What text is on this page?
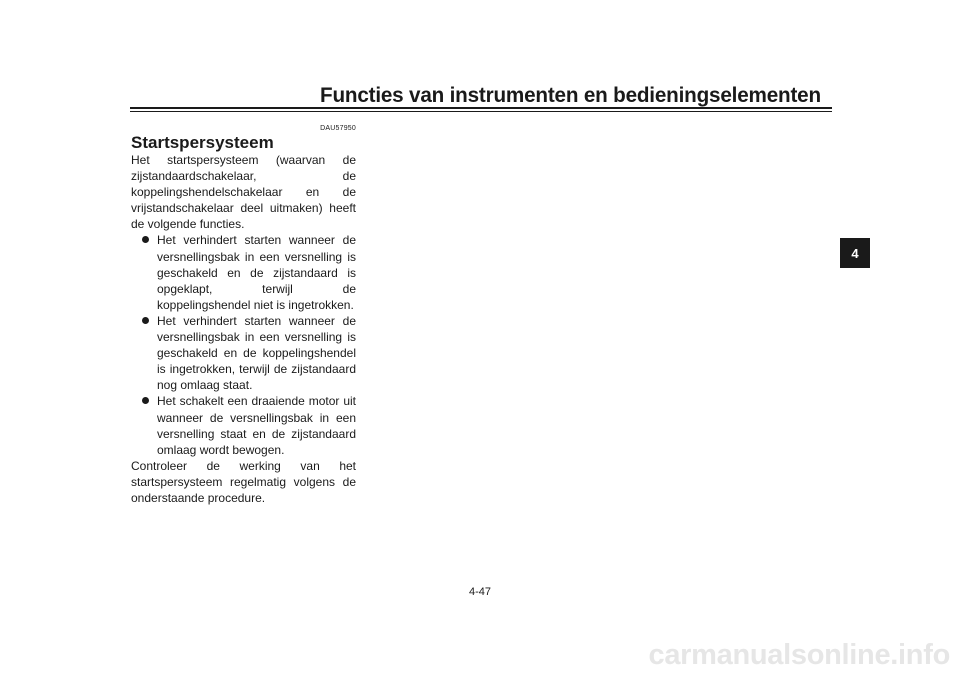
Functies van instrumenten en bedieningselementen
DAU57950
Startspersysteem

Het startspersysteem (waarvan de zijstandaardschakelaar, de koppelingshendelschakelaar en de vrijstandschakelaar deel uitmaken) heeft de volgende functies.

Het verhindert starten wanneer de versnellingsbak in een versnelling is geschakeld en de zijstandaard is opgeklapt, terwijl de koppelingshendel niet is ingetrokken.
Het verhindert starten wanneer de versnellingsbak in een versnelling is geschakeld en de koppelingshendel is ingetrokken, terwijl de zijstandaard nog omlaag staat.
Het schakelt een draaiende motor uit wanneer de versnellingsbak in een versnelling staat en de zijstandaard omlaag wordt bewogen.

Controleer de werking van het startspersysteem regelmatig volgens de onderstaande procedure.

4
4-47
carmanualsonline.info
